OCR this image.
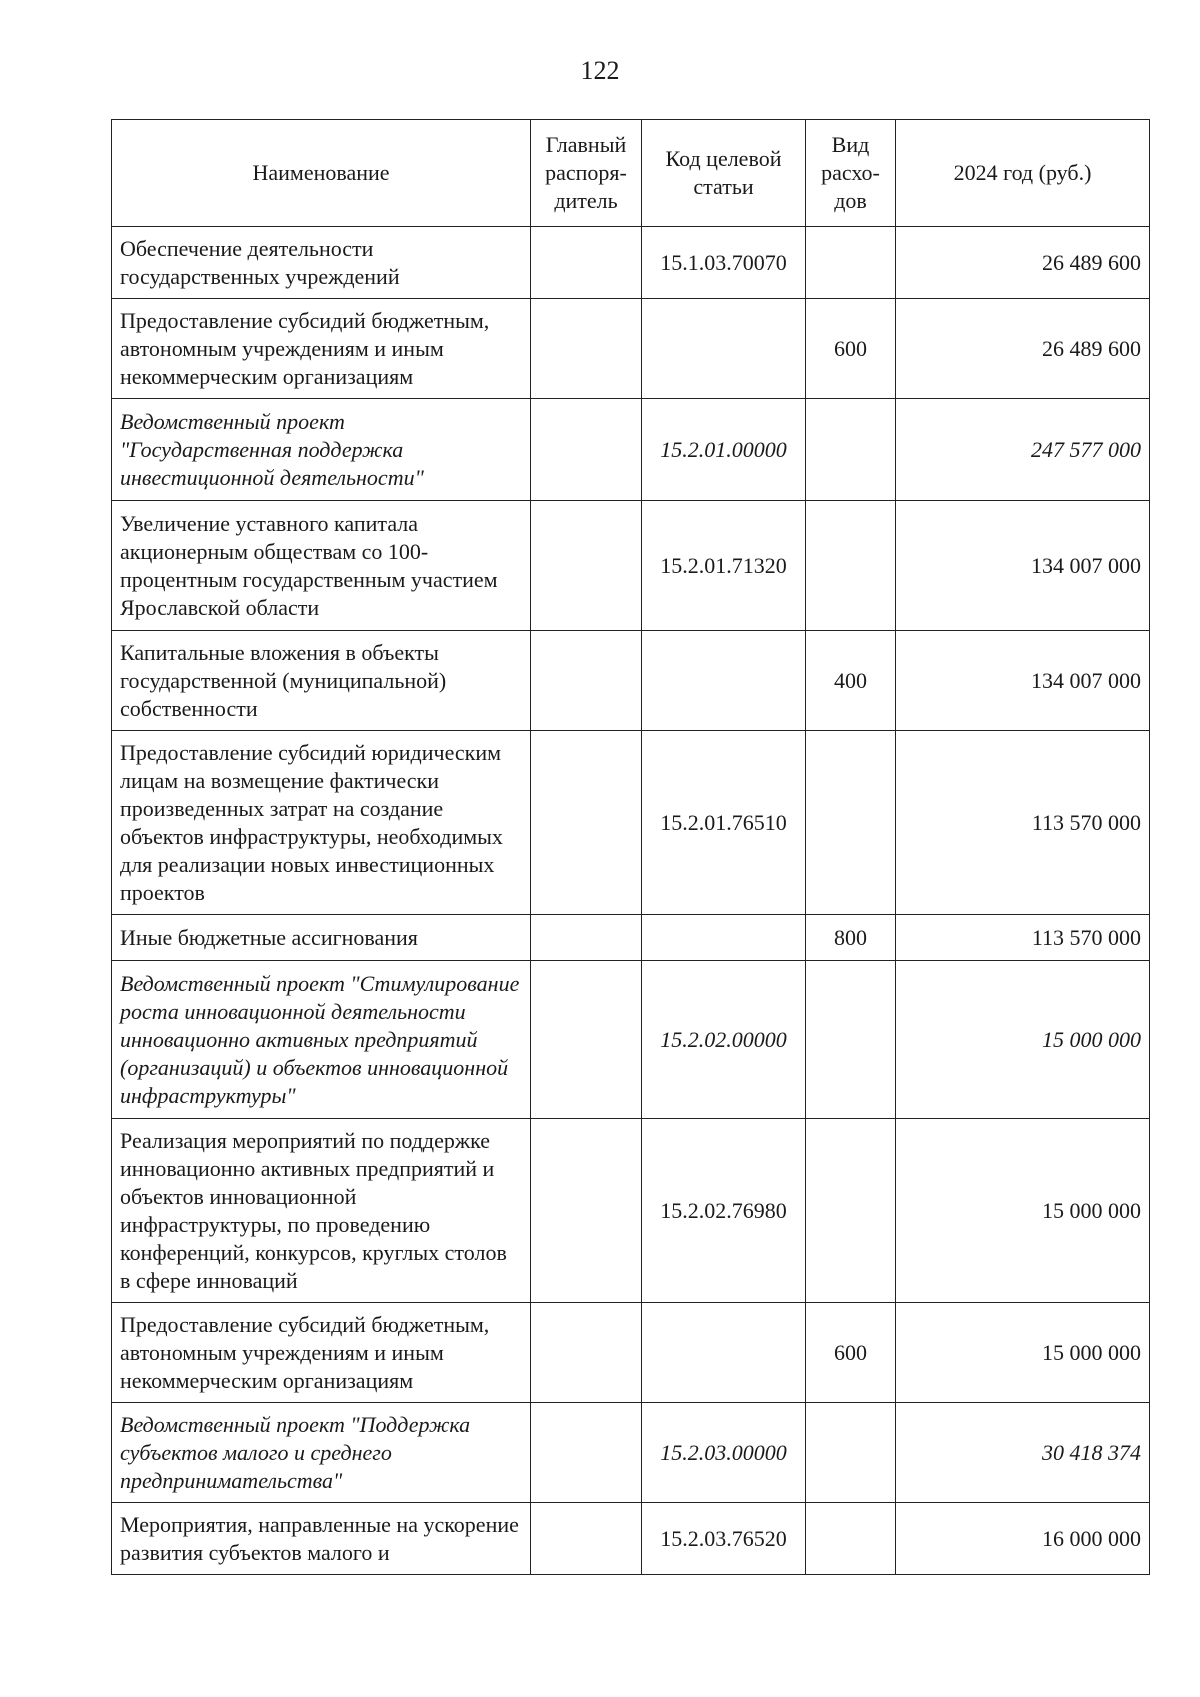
122
Наименование	Главный распоря-дитель	Код целевой статьи	Вид расхо-дов	2024 год (руб.)
Обеспечение деятельности государственных учреждений		15.1.03.70070		26 489 600
Предоставление субсидий бюджетным, автономным учреждениям и иным некоммерческим организациям			600	26 489 600
Ведомственный проект "Государственная поддержка инвестиционной деятельности"		15.2.01.00000		247 577 000
Увеличение уставного капитала акционерным обществам со 100-процентным государственным участием Ярославской области		15.2.01.71320		134 007 000
Капитальные вложения в объекты государственной (муниципальной) собственности			400	134 007 000
Предоставление субсидий юридическим лицам на возмещение фактически произведенных затрат на создание объектов инфраструктуры, необходимых для реализации новых инвестиционных проектов		15.2.01.76510		113 570 000
Иные бюджетные ассигнования			800	113 570 000
Ведомственный проект "Стимулирование роста инновационной деятельности инновационно активных предприятий (организаций) и объектов инновационной инфраструктуры"		15.2.02.00000		15 000 000
Реализация мероприятий по поддержке инновационно активных предприятий и объектов инновационной инфраструктуры, по проведению конференций, конкурсов, круглых столов в сфере инноваций		15.2.02.76980		15 000 000
Предоставление субсидий бюджетным, автономным учреждениям и иным некоммерческим организациям			600	15 000 000
Ведомственный проект "Поддержка субъектов малого и среднего предпринимательства"		15.2.03.00000		30 418 374
Мероприятия, направленные на ускорение развития субъектов малого и		15.2.03.76520		16 000 000
